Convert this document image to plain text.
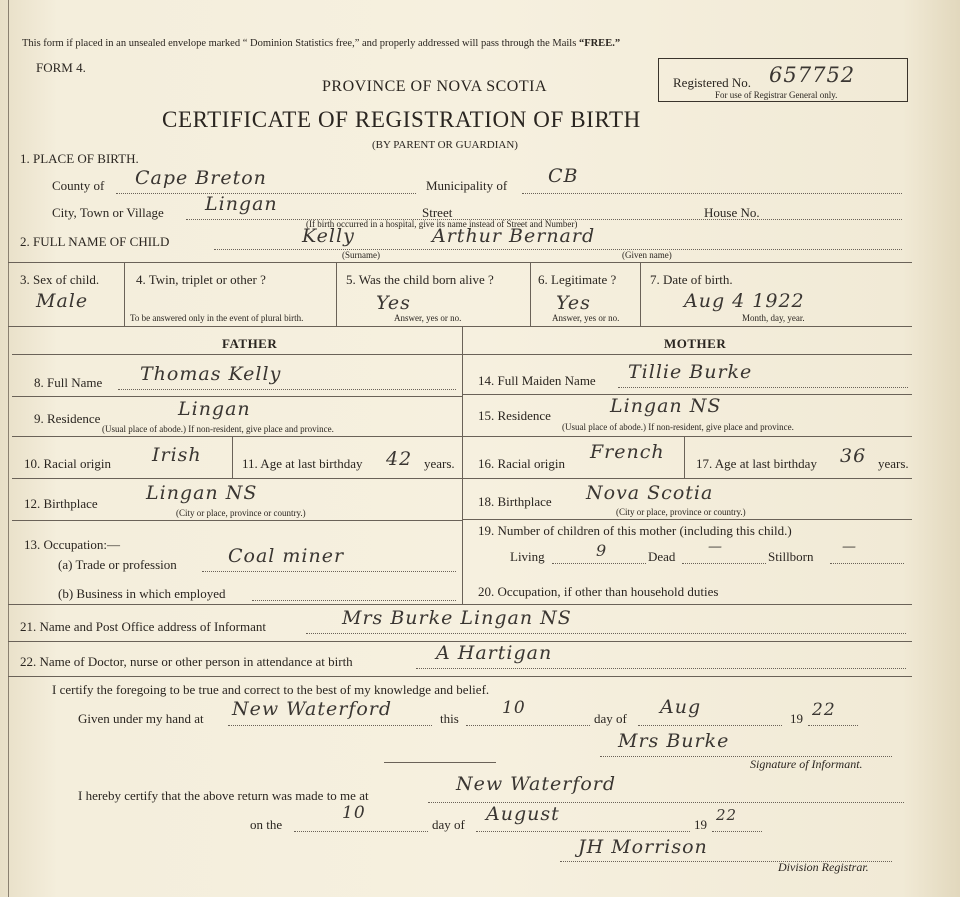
This form if placed in an unsealed envelope marked “ Dominion Statistics free,” and properly addressed will pass through the Mails “FREE.”
FORM 4.
Registered No. 657752
For use of Registrar General only.
PROVINCE OF NOVA SCOTIA
CERTIFICATE OF REGISTRATION OF BIRTH
(BY PARENT OR GUARDIAN)
1. PLACE OF BIRTH.
County of Cape Breton	Municipality of CB
City, Town or Village Lingan	Street	House No.
(If birth occurred in a hospital, give its name instead of Street and Number)
2. FULL NAME OF CHILD	Kelly	Arthur Bernard
(Surname)	(Given name)
3. Sex of child.
Male
4. Twin, triplet or other ?
To be answered only in the event of plural birth.
5. Was the child born alive ?
Yes
Answer, yes or no.
6. Legitimate ?
Yes
Answer, yes or no.
7. Date of birth.
Aug 4 1922
Month, day, year.
FATHER	MOTHER
8. Full Name Thomas Kelly
9. Residence	Lingan
(Usual place of abode.) If non-resident, give place and province.
10. Racial origin Irish	11. Age at last birthday 42 years.
12. Birthplace	Lingan NS
(City or place, province or country.)
13. Occupation:—
(a) Trade or profession	Coal miner
(b) Business in which employed
14. Full Maiden Name Tillie Burke
15. Residence	Lingan NS
(Usual place of abode.) If non-resident, give place and province.
16. Racial origin
French
17. Age at last birthday 36 years.
18. Birthplace Nova Scotia
(City or place, province or country.)
19. Number of children of this mother (including this child.)
Living	9	Dead
—
Stillborn
—
20. Occupation, if other than household duties
21. Name and Post Office address of Informant	Mrs Burke Lingan NS
22. Name of Doctor, nurse or other person in attendance at birth	A Hartigan
I certify the foregoing to be true and correct to the best of my knowledge and belief.
Given under my hand at New Waterford	this
10
day of
Aug
19 22
Mrs Burke
Signature of Informant.
I hereby certify that the above return was made to me at
New Waterford
on the
10
day of August	19
22
JH Morrison
Division Registrar.
